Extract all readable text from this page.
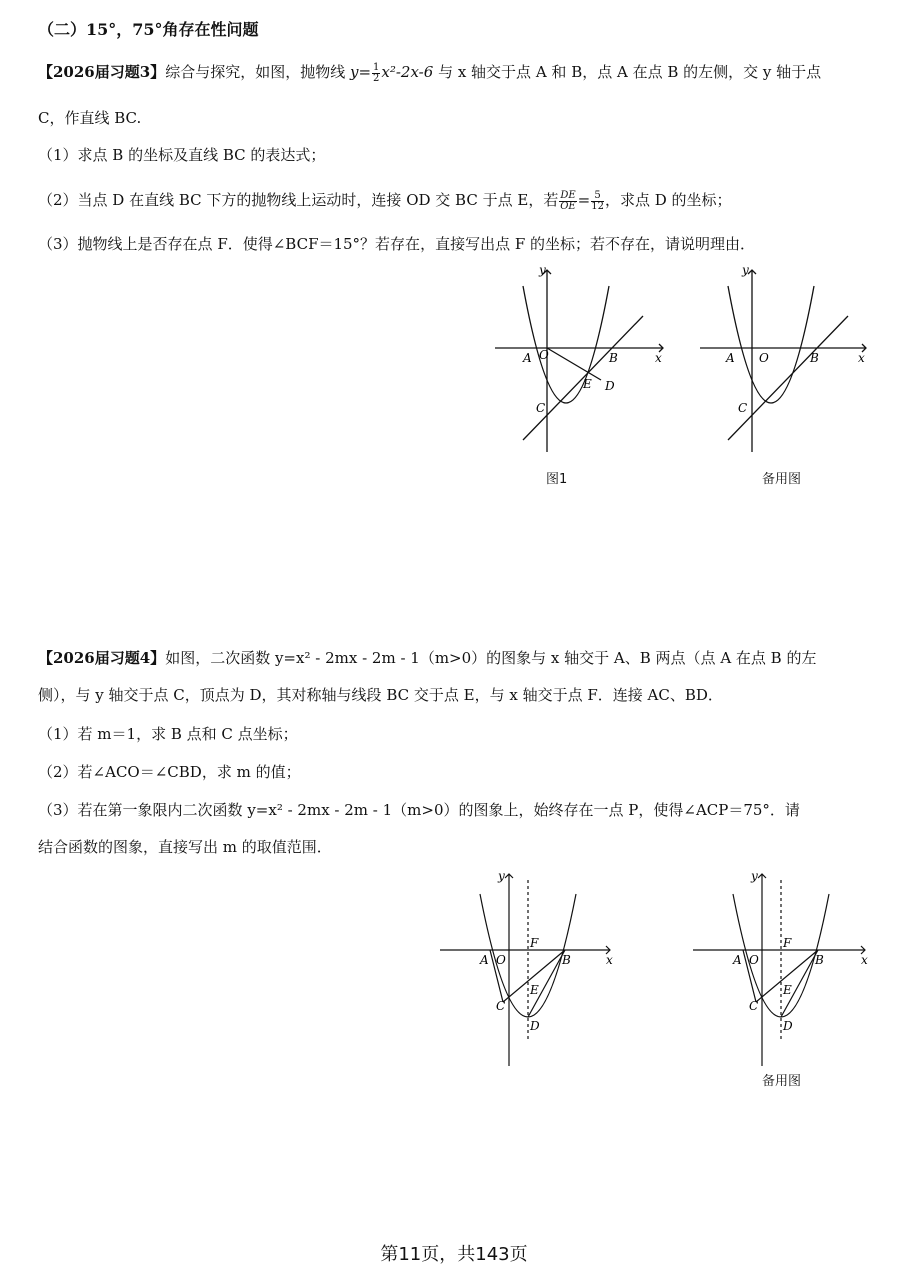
（二）15°，75°角存在性问题
【2026届习题3】综合与探究，如图，抛物线 $y= \frac{1}{2} x^2-2x-6$ 与 x 轴交于点 A 和 B，点 A 在点 B 的左侧，交 y 轴于点
C，作直线 BC.
（1）求点 B 的坐标及直线 BC 的表达式；
（2）当点 D 在直线 BC 下方的抛物线上运动时，连接 OD 交 BC 于点 E，若 $\frac{DE}{OE} = \frac{5}{12}$ ，求点 D 的坐标；
（3）抛物线上是否存在点 F．使得∠BCF＝15°？若存在，直接写出点 F 的坐标；若不存在，请说明理由．
x
y
A O	B
C
E D
图1
x
y
A O	B
C
备用图
【2026届习题4】如图，二次函数 y=x² - 2mx - 2m - 1（m>0）的图象与 x 轴交于 A、B 两点（点 A 在点 B 的左
侧），与 y 轴交于点 C，顶点为 D，其对称轴与线段 BC 交于点 E，与 x 轴交于点 F．连接 AC、BD．
（1）若 m＝1，求 B 点和 C 点坐标；
（2）若∠ACO＝∠CBD，求 m 的值；
（3）若在第一象限内二次函数 y=x² - 2mx - 2m - 1（m>0）的图象上，始终存在一点 P，使得∠ACP＝75°．请
结合函数的图象，直接写出 m 的取值范围．
x
y
A O	B
C
F
E
D
x
y
A O	B
C
F
E
D
备用图
第11页，共143页
